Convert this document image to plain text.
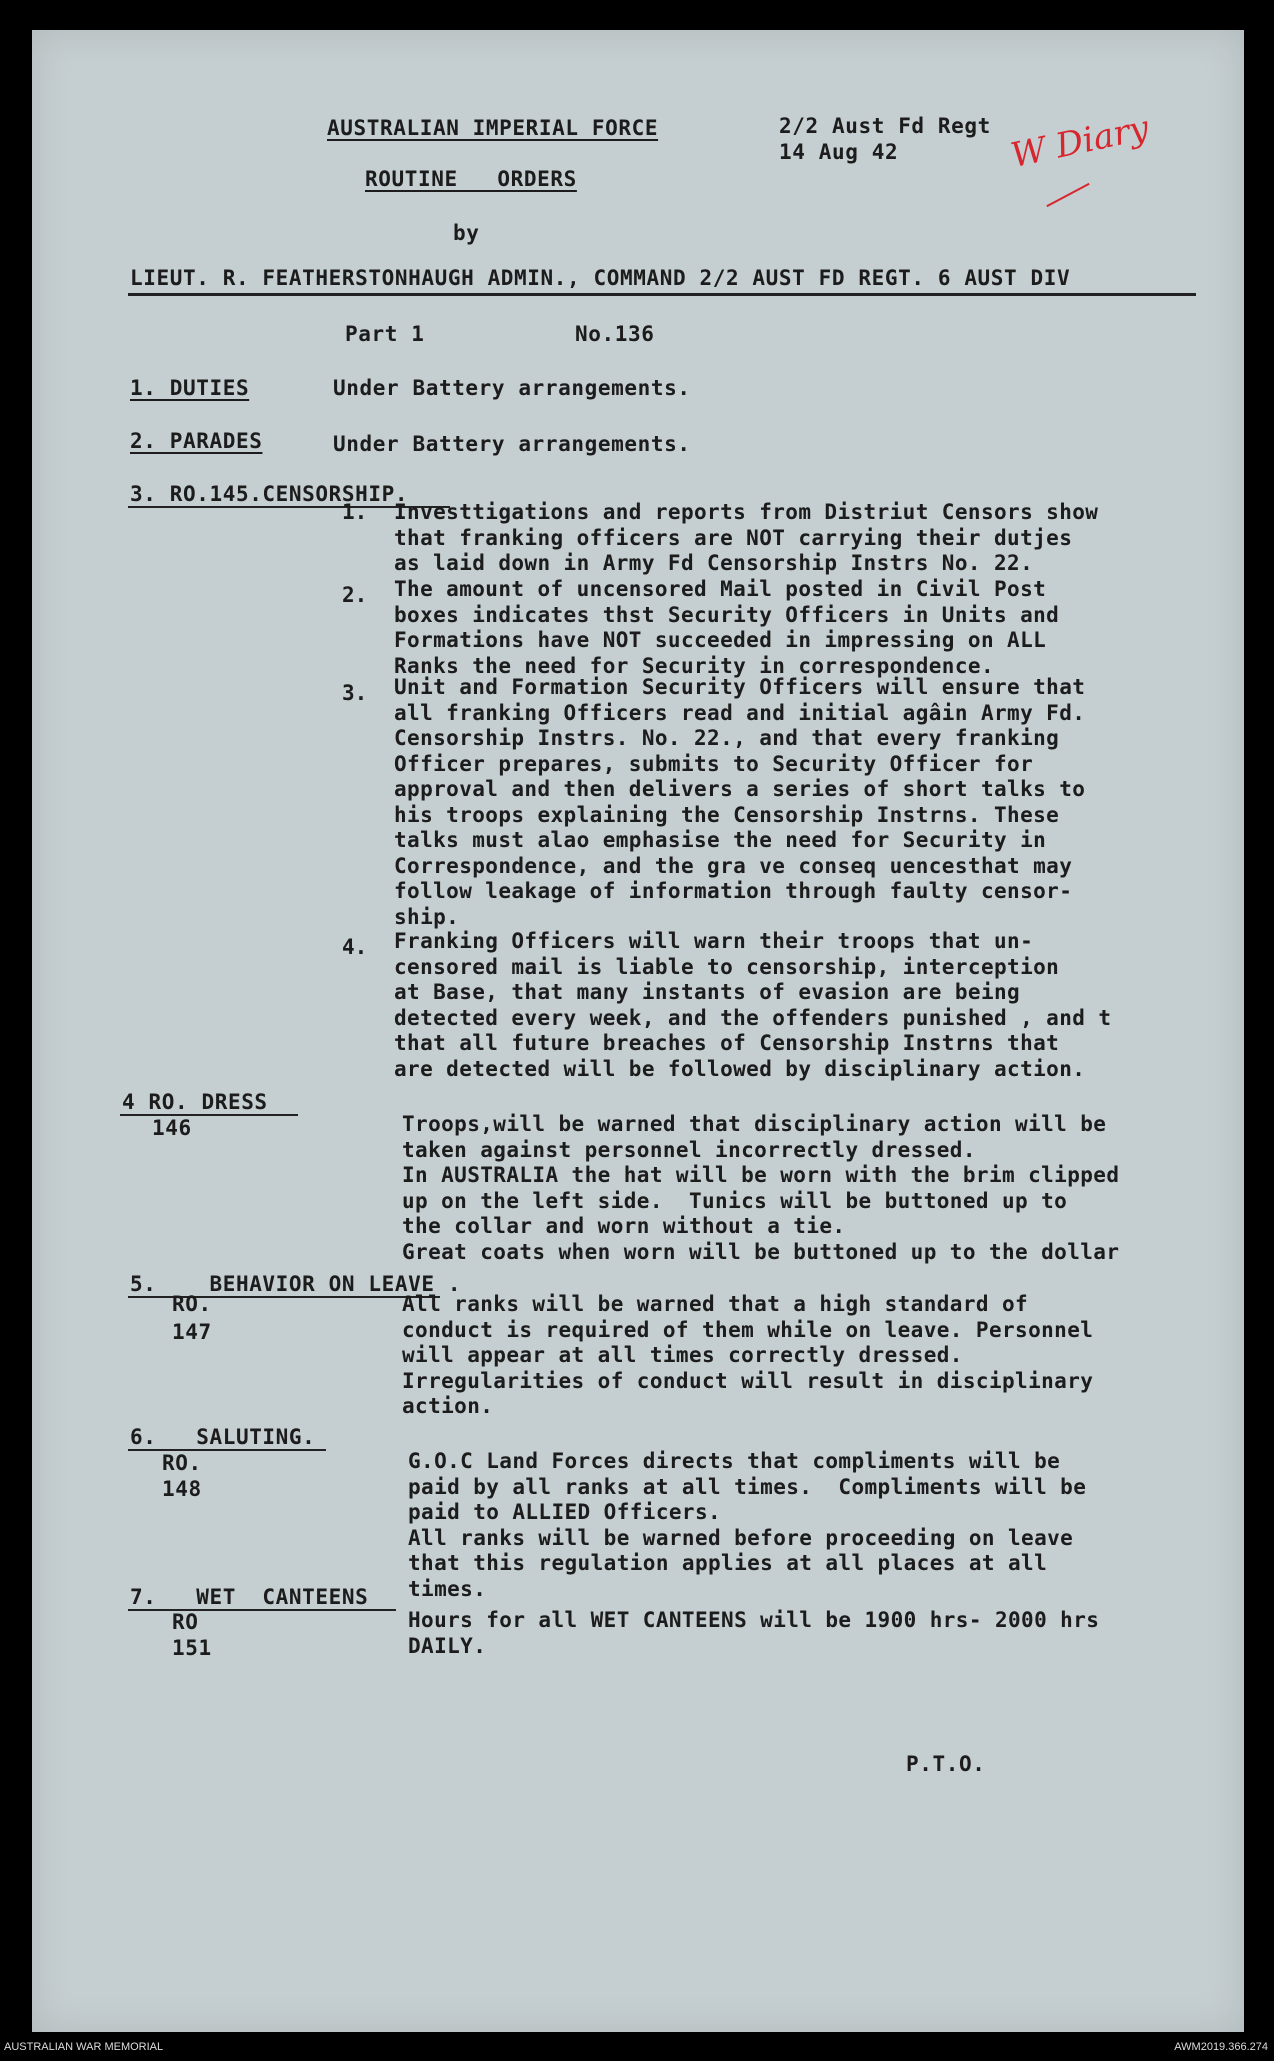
AUSTRALIAN IMPERIAL FORCE
ROUTINE   ORDERS
by
2/2 Aust Fd Regt
14 Aug 42	W Diary
LIEUT. R. FEATHERSTONHAUGH ADMIN., COMMAND 2/2 AUST FD REGT. 6 AUST DIV
Part 1	No.136
1. DUTIES	Under Battery arrangements.
2. PARADES	Under Battery arrangements.
3. RO.145.CENSORSHIP.
1. Investtigations and reports from Distriut Censors show
that franking officers are NOT carrying their dutjes
as laid down in Army Fd Censorship Instrs No. 22.
2. The amount of uncensored Mail posted in Civil Post
boxes indicates thst Security Officers in Units and
Formations have NOT succeeded in impressing on ALL
Ranks the need for Security in correspondence.
3. Unit and Formation Security Officers will ensure that
all franking Officers read and initial agâin Army Fd.
Censorship Instrs. No. 22., and that every franking
Officer prepares, submits to Security Officer for
approval and then delivers a series of short talks to
his troops explaining the Censorship Instrns. These
talks must alao emphasise the need for Security in
Correspondence, and the gra ve conseq uencesthat may
follow leakage of information through faulty censor-
ship.
4. Franking Officers will warn their troops that un-
censored mail is liable to censorship, interception
at Base, that many instants of evasion are being
detected every week, and the offenders punished , and t
that all future breaches of Censorship Instrns that
are detected will be followed by disciplinary action.
4 RO. DRESS
146	Troops,will be warned that disciplinary action will be
taken against personnel incorrectly dressed.
In AUSTRALIA the hat will be worn with the brim clipped
up on the left side.  Tunics will be buttoned up to
the collar and worn without a tie.
Great coats when worn will be buttoned up to the dollar
5.    BEHAVIOR ON LEAVE .
RO.
147
All ranks will be warned that a high standard of
conduct is required of them while on leave. Personnel
will appear at all times correctly dressed.
Irregularities of conduct will result in disciplinary
action.
6.   SALUTING.
RO.
148
G.O.C Land Forces directs that compliments will be
paid by all ranks at all times.  Compliments will be
paid to ALLIED Officers.
All ranks will be warned before proceeding on leave
that this regulation applies at all places at all
times.
7.   WET  CANTEENS
RO
151
Hours for all WET CANTEENS will be 1900 hrs- 2000 hrs
DAILY.
P.T.O.
AUSTRALIAN WAR MEMORIAL	AWM2019.366.274
